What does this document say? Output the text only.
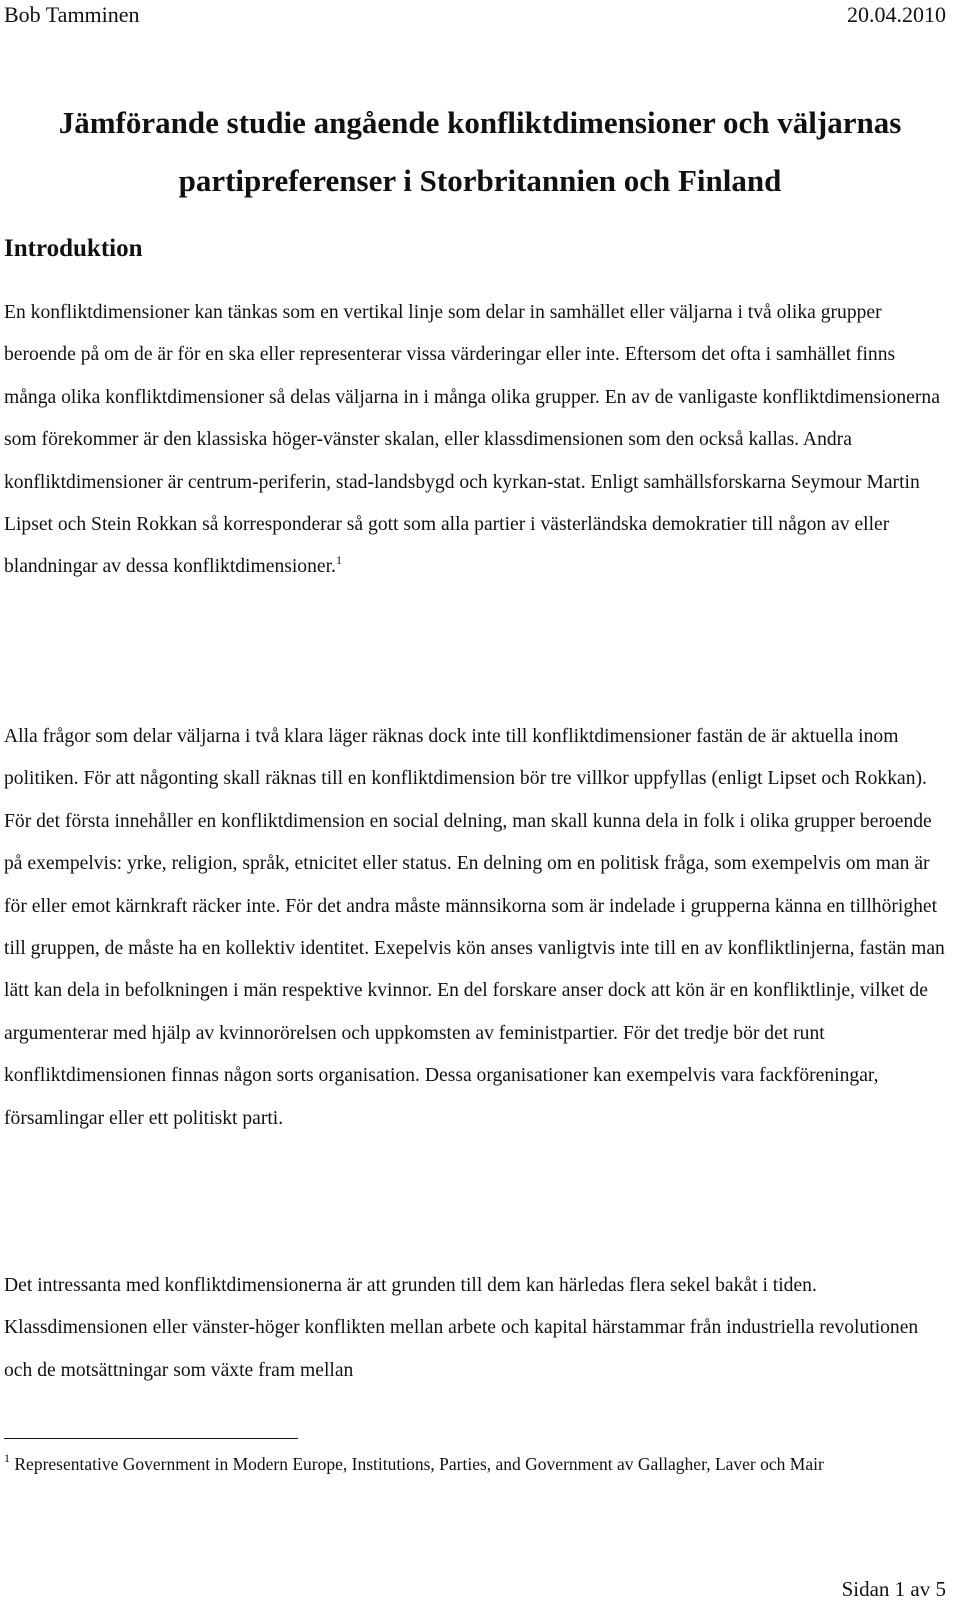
Bob Tamminen	20.04.2010
Jämförande studie angående konfliktdimensioner och väljarnas
partipreferenser i Storbritannien och Finland
Introduktion
En konfliktdimensioner kan tänkas som en vertikal linje som delar in samhället eller väljarna i två olika grupper beroende på om de är för en ska eller representerar vissa värderingar eller inte. Eftersom det ofta i samhället finns många olika konfliktdimensioner så delas väljarna in i många olika grupper. En av de vanligaste konfliktdimensionerna som förekommer är den klassiska höger-vänster skalan, eller klassdimensionen som den också kallas. Andra konfliktdimensioner är centrum-periferin, stad-landsbygd och kyrkan-stat. Enligt samhällsforskarna Seymour Martin Lipset och Stein Rokkan så korresponderar så gott som alla partier i västerländska demokratier till någon av eller blandningar av dessa konfliktdimensioner.$^1$
Alla frågor som delar väljarna i två klara läger räknas dock inte till konfliktdimensioner fastän de är aktuella inom politiken. För att någonting skall räknas till en konfliktdimension bör tre villkor uppfyllas (enligt Lipset och Rokkan). För det första innehåller en konfliktdimension en social delning, man skall kunna dela in folk i olika grupper beroende på exempelvis: yrke, religion, språk, etnicitet eller status. En delning om en politisk fråga, som exempelvis om man är för eller emot kärnkraft räcker inte. För det andra måste männsikorna som är indelade i grupperna känna en tillhörighet till gruppen, de måste ha en kollektiv identitet. Exepelvis kön anses vanligtvis inte till en av konfliktlinjerna, fastän man lätt kan dela in befolkningen i män respektive kvinnor. En del forskare anser dock att kön är en konfliktlinje, vilket de argumenterar med hjälp av kvinnorörelsen och uppkomsten av feministpartier. För det tredje bör det runt konfliktdimensionen finnas någon sorts organisation. Dessa organisationer kan exempelvis vara fackföreningar, församlingar eller ett politiskt parti.
Det intressanta med konfliktdimensionerna är att grunden till dem kan härledas flera sekel bakåt i tiden. Klassdimensionen eller vänster-höger konflikten mellan arbete och kapital härstammar från industriella revolutionen och de motsättningar som växte fram mellan
$^1$ Representative Government in Modern Europe, Institutions, Parties, and Government av Gallagher, Laver och Mair
Sidan 1 av 5
